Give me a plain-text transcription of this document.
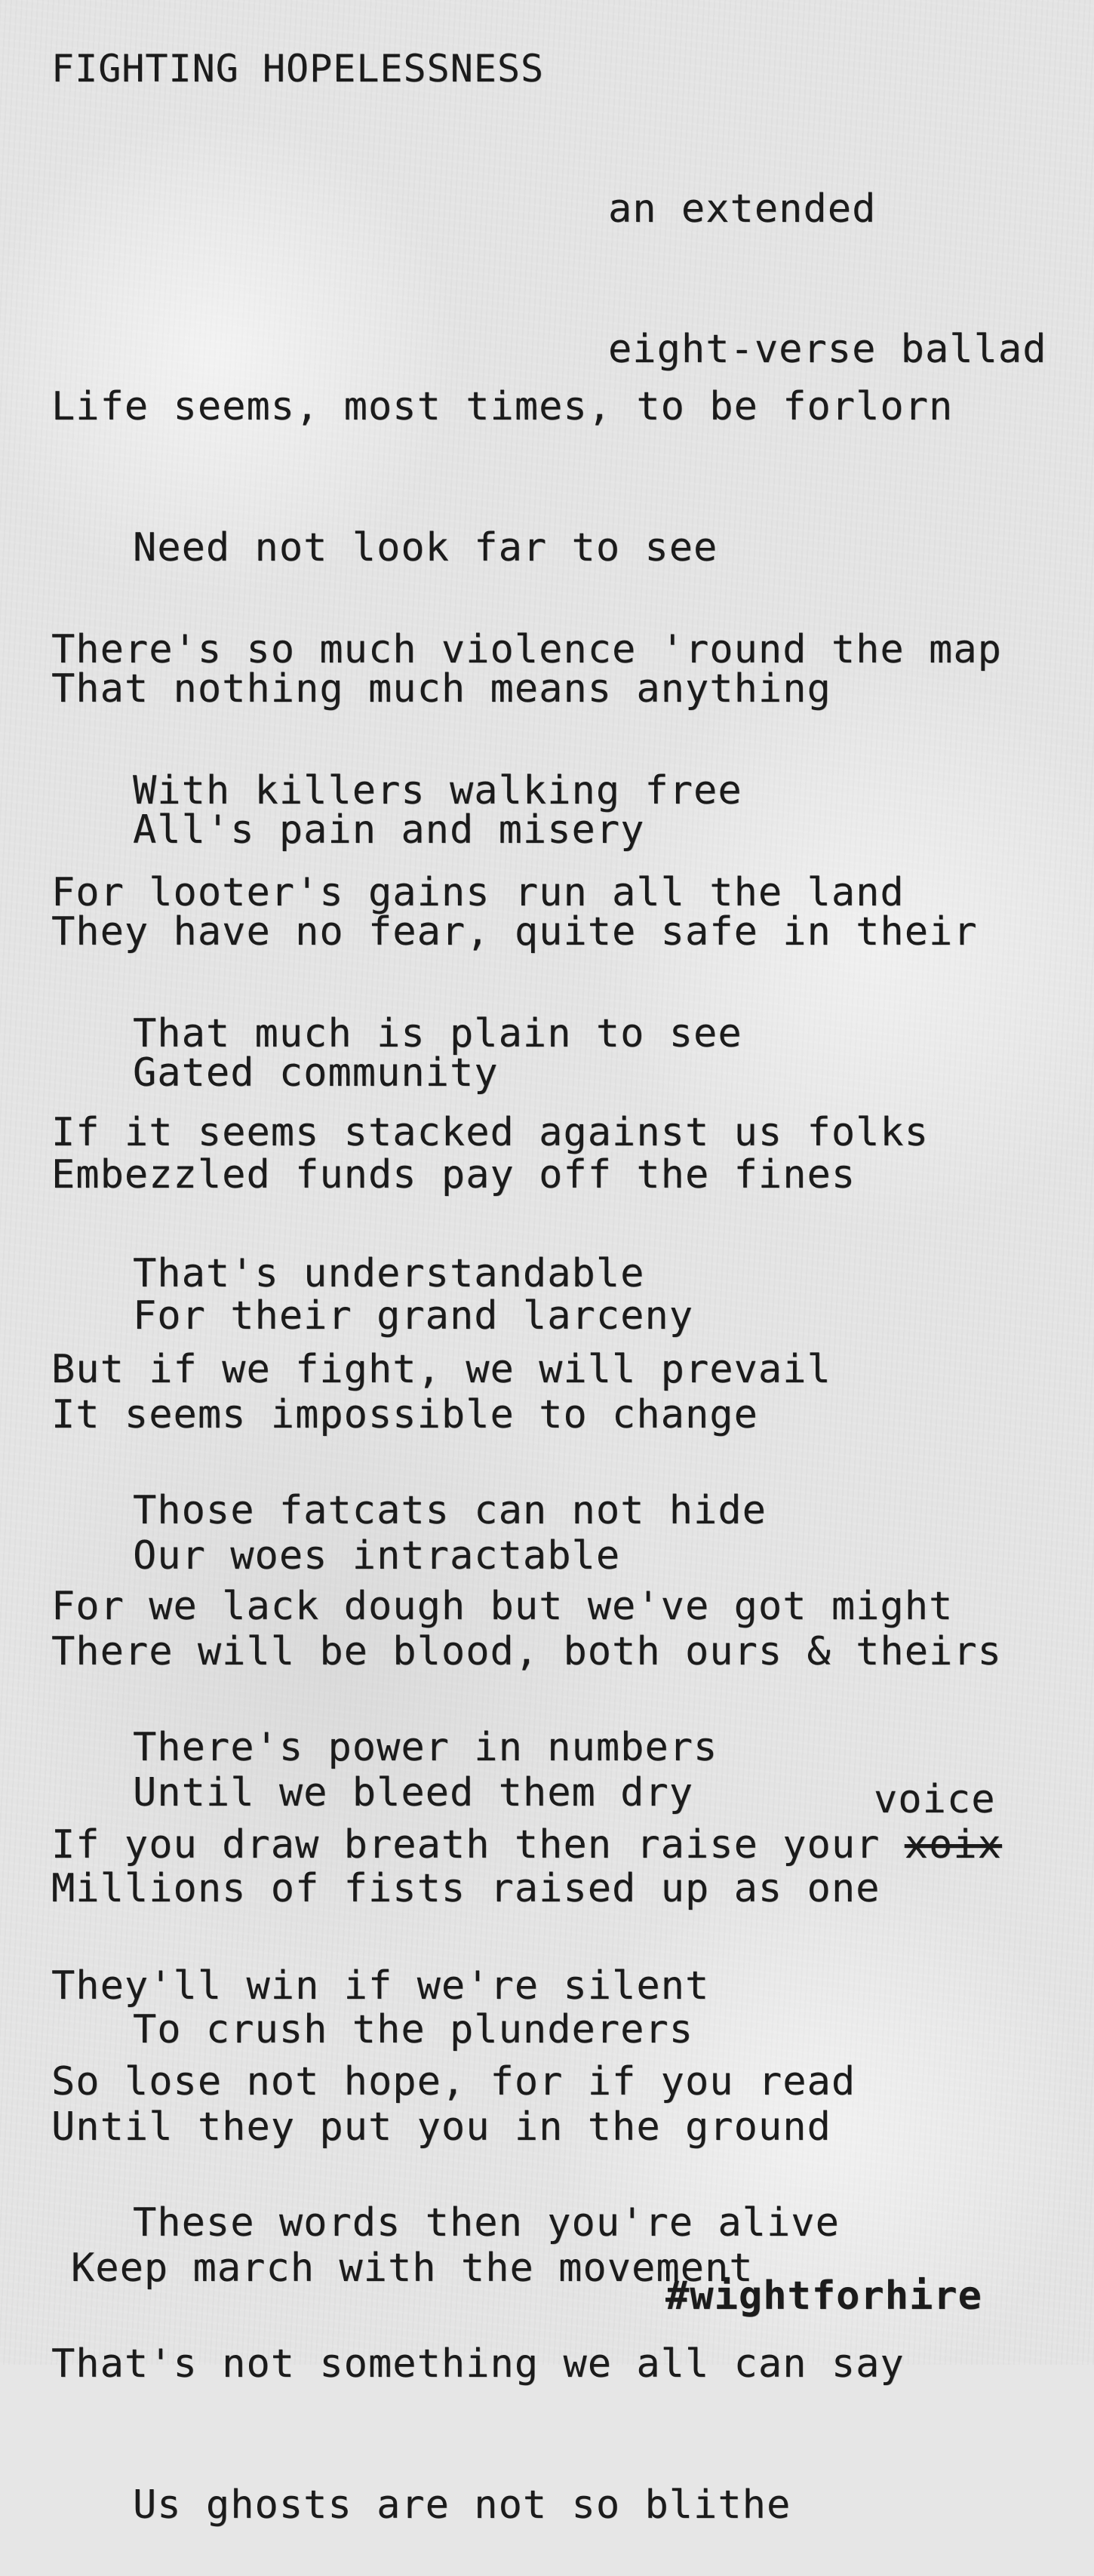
FIGHTING HOPELESSNESS

an extended

eight-verse ballad

Life seems, most times, to be forlorn

Need not look far to see

That nothing much means anything

All's pain and misery

There's so much violence 'round the map

With killers walking free

They have no fear, quite safe in their

Gated community

For looter's gains run all the land

That much is plain to see

Embezzled funds pay off the fines

For their grand larceny

If it seems stacked against us folks

That's understandable

It seems impossible to change

Our woes intractable

But if we fight, we will prevail

Those fatcats can not hide

There will be blood, both ours & theirs

Until we bleed them dry

For we lack dough but we've got might

There's power in numbers

Millions of fists raised up as one

To crush the plunderers

If you draw breath then raise your xoix

They'll win if we're silent

Until they put you in the ground

Keep march with the movement

voice

So lose not hope, for if you read

These words then you're alive

That's not something we all can say

Us ghosts are not so blithe

#wightforhire
